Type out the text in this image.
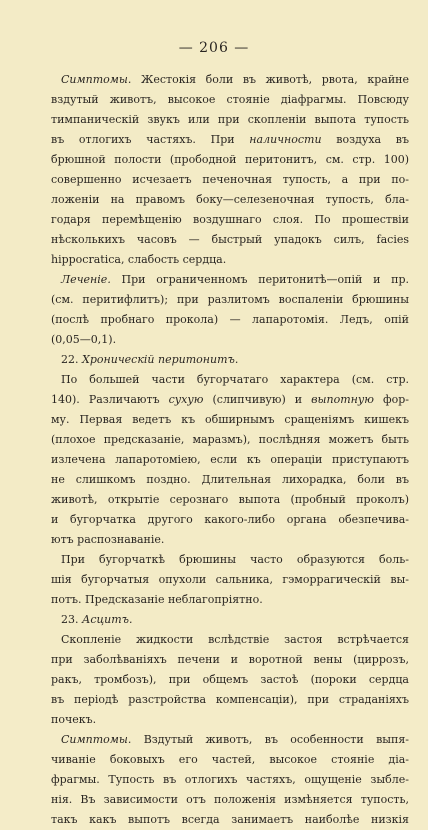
— 206 —
Симптомы. Жестокія боли въ животѣ, рвота, крайне
вздутый животъ, высокое стояніе діафрагмы. Повсюду
тимпаническій звукъ или при скопленіи выпота тупость
въ отлогихъ частяхъ. При наличности воздуха въ
брюшной полости (прободной перитонитъ, см. стр. 100)
совершенно исчезаетъ печеночная тупость, а при по-
ложеніи на правомъ боку—селезеночная тупость, бла-
годаря перемѣщенію воздушнаго слоя. По прошествіи
нѣсколькихъ часовъ — быстрый упадокъ силъ, facies
hippocratica, слабость сердца.
Леченіе. При ограниченномъ перитонитѣ—опій и пр.
(см. перитифлитъ); при разлитомъ воспаленіи брюшины
(послѣ пробнаго прокола) — лапаротомія. Ледъ, опій
(0,05—0,1).
22. Хроническій перитонитъ.
По большей части бугорчатаго характера (см. стр.
140). Различаютъ сухую (слипчивую) и выпотную фор-
му. Первая ведетъ къ обширнымъ сращеніямъ кишекъ
(плохое предсказаніе, маразмъ), послѣдняя можетъ быть
излечена лапаротоміею, если къ операціи приступаютъ
не слишкомъ поздно. Длительная лихорадка, боли въ
животѣ, открытіе серознаго выпота (пробный проколъ)
и бугорчатка другого какого-либо органа обезпечива-
ютъ распознаваніе.
При бугорчаткѣ брюшины часто образуются боль-
шія бугорчатыя опухоли сальника, гэморрагическій вы-
потъ. Предсказаніе неблагопріятно.
23. Асцитъ.
Скопленіе жидкости вслѣдствіе застоя встрѣчается
при заболѣваніяхъ печени и воротной вены (циррозъ,
ракъ, тромбозъ), при общемъ застоѣ (пороки сердца
въ періодѣ разстройства компенсаціи), при страданіяхъ
почекъ.
Симптомы. Вздутый животъ, въ особенности выпя-
чиваніе боковыхъ его частей, высокое стояніе діа-
фрагмы. Тупость въ отлогихъ частяхъ, ощущеніе зыбле-
нія. Въ зависимости отъ положенія измѣняется тупость,
такъ какъ выпотъ всегда занимаетъ наиболѣе низкія
